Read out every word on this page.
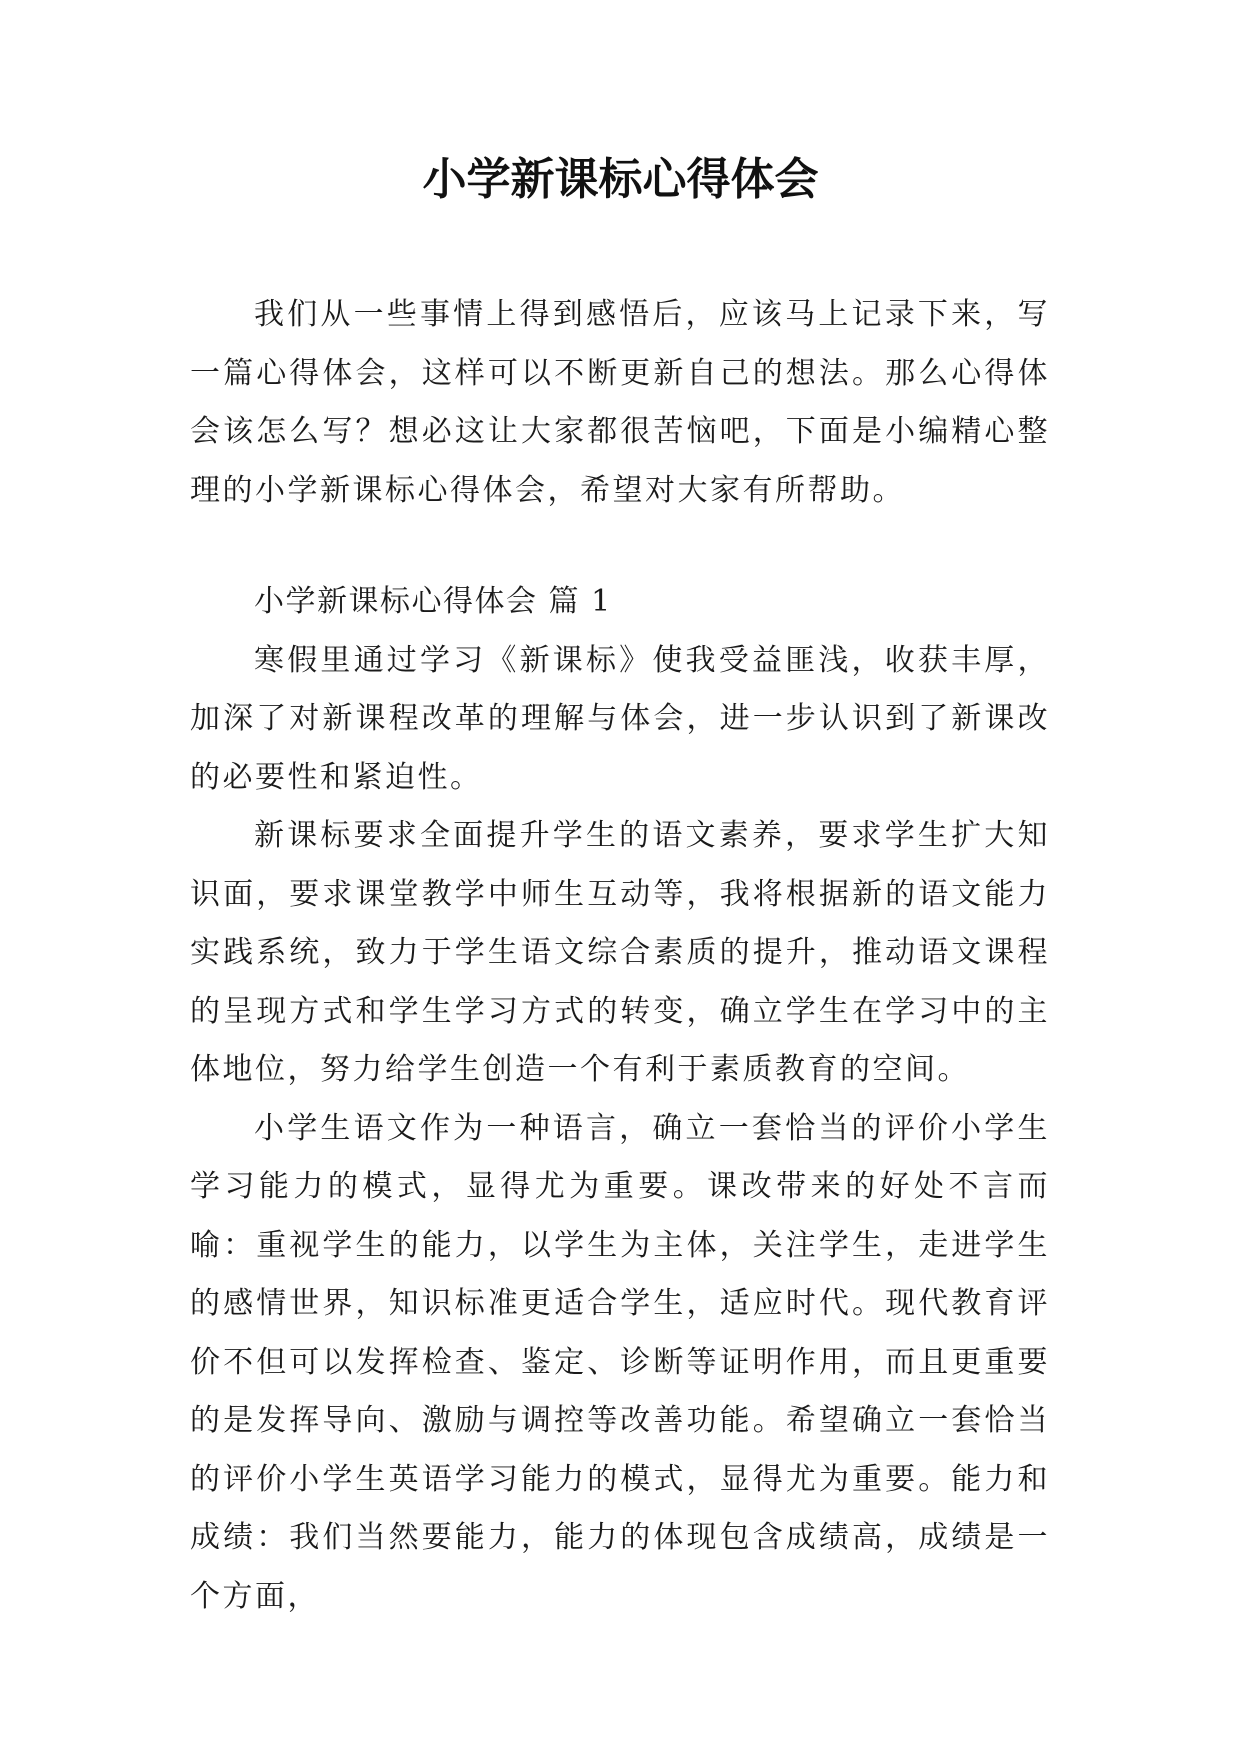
小学新课标心得体会

我们从一些事情上得到感悟后，应该马上记录下来，写一篇心得体会，这样可以不断更新自己的想法。那么心得体会该怎么写？想必这让大家都很苦恼吧，下面是小编精心整理的小学新课标心得体会，希望对大家有所帮助。

小学新课标心得体会 篇 1

寒假里通过学习《新课标》使我受益匪浅，收获丰厚，加深了对新课程改革的理解与体会，进一步认识到了新课改的必要性和紧迫性。

新课标要求全面提升学生的语文素养，要求学生扩大知识面，要求课堂教学中师生互动等，我将根据新的语文能力实践系统，致力于学生语文综合素质的提升，推动语文课程的呈现方式和学生学习方式的转变，确立学生在学习中的主体地位，努力给学生创造一个有利于素质教育的空间。

小学生语文作为一种语言，确立一套恰当的评价小学生学习能力的模式，显得尤为重要。课改带来的好处不言而喻：重视学生的能力，以学生为主体，关注学生，走进学生的感情世界，知识标准更适合学生，适应时代。现代教育评价不但可以发挥检查、鉴定、诊断等证明作用，而且更重要的是发挥导向、激励与调控等改善功能。希望确立一套恰当的评价小学生英语学习能力的模式，显得尤为重要。能力和成绩：我们当然要能力，能力的体现包含成绩高，成绩是一个方面，
